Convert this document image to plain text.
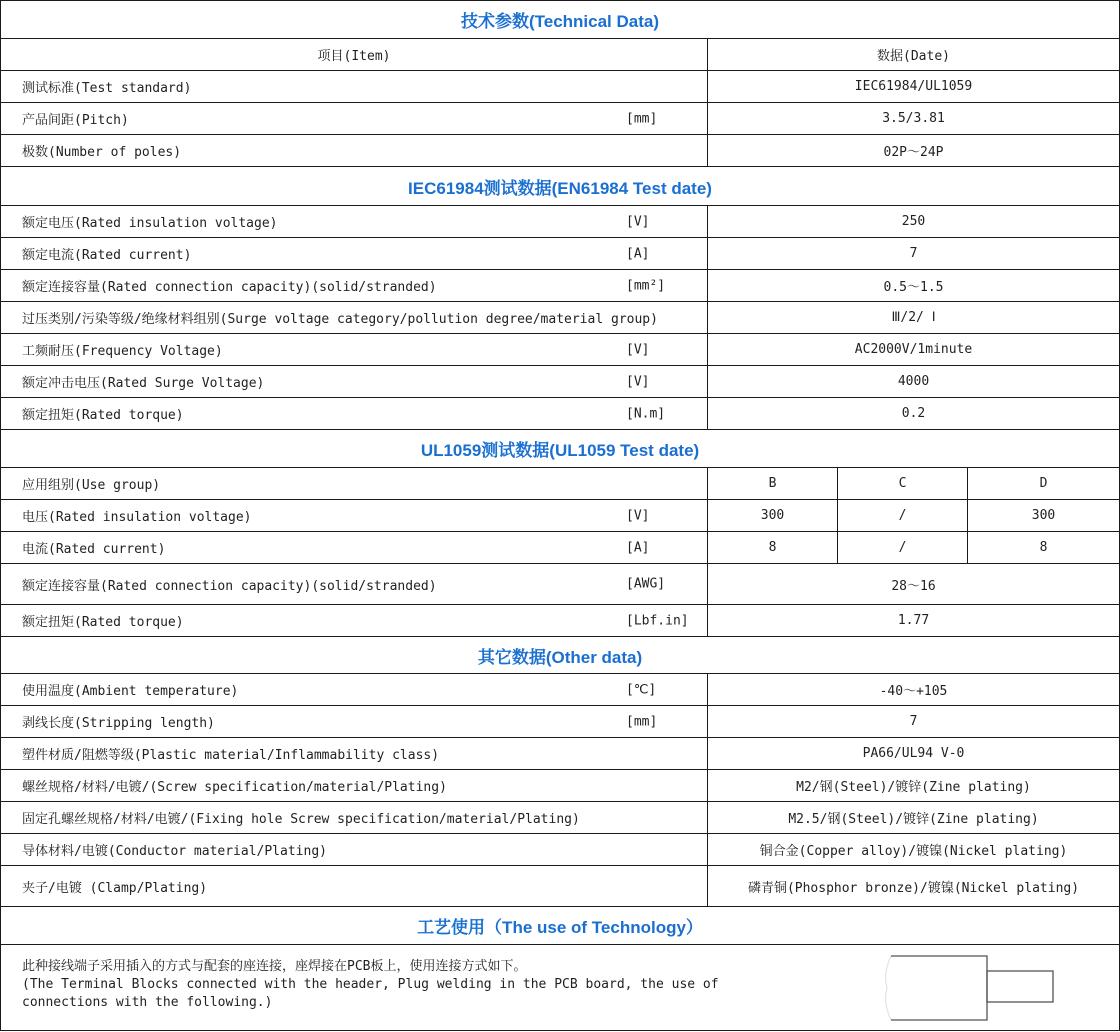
技术参数(Technical Data)			
项目(Item)	数据(Date)		
测试标准(Test standard)	IEC61984/UL1059		
产品间距(Pitch) [mm]	3.5/3.81		
极数(Number of poles)	02P～24P		
IEC61984测试数据(EN61984 Test date)			
额定电压(Rated insulation voltage) [V]	250		
额定电流(Rated current) [A]	7		
额定连接容量(Rated connection capacity)(solid/stranded) [mm²]	0.5～1.5		
过压类别/污染等级/绝缘材料组别(Surge voltage category/pollution degree/material group)	Ⅲ/2/ Ⅰ		
工频耐压(Frequency Voltage) [V]	AC2000V/1minute		
额定冲击电压(Rated Surge Voltage) [V]	4000		
额定扭矩(Rated torque) [N.m]	0.2		
UL1059测试数据(UL1059 Test date)			
应用组别(Use group)	B	C	D
电压(Rated insulation voltage) [V]	300	/	300
电流(Rated current) [A]	8	/	8
额定连接容量(Rated connection capacity)(solid/stranded) [AWG]	28～16		
额定扭矩(Rated torque) [Lbf.in]	1.77		
其它数据(Other data)			
使用温度(Ambient temperature) [℃]	-40～+105		
剥线长度(Stripping length) [mm]	7		
塑件材质/阻燃等级(Plastic material/Inflammability class)	PA66/UL94 V-0		
螺丝规格/材料/电镀/(Screw specification/material/Plating)	M2/钢(Steel)/镀锌(Zine plating)		
固定孔螺丝规格/材料/电镀/(Fixing hole Screw specification/material/Plating)	M2.5/钢(Steel)/镀锌(Zine plating)		
导体材料/电镀(Conductor material/Plating)	铜合金(Copper alloy)/镀镍(Nickel plating)		
夹子/电镀 (Clamp/Plating)	磷青铜(Phosphor bronze)/镀镍(Nickel plating)		
工艺使用（The use of Technology）			

此种接线端子采用插入的方式与配套的座连接，座焊接在PCB板上，使用连接方式如下。

(The Terminal Blocks connected with the header, Plug welding in the PCB board, the use of connections with the following.)			
